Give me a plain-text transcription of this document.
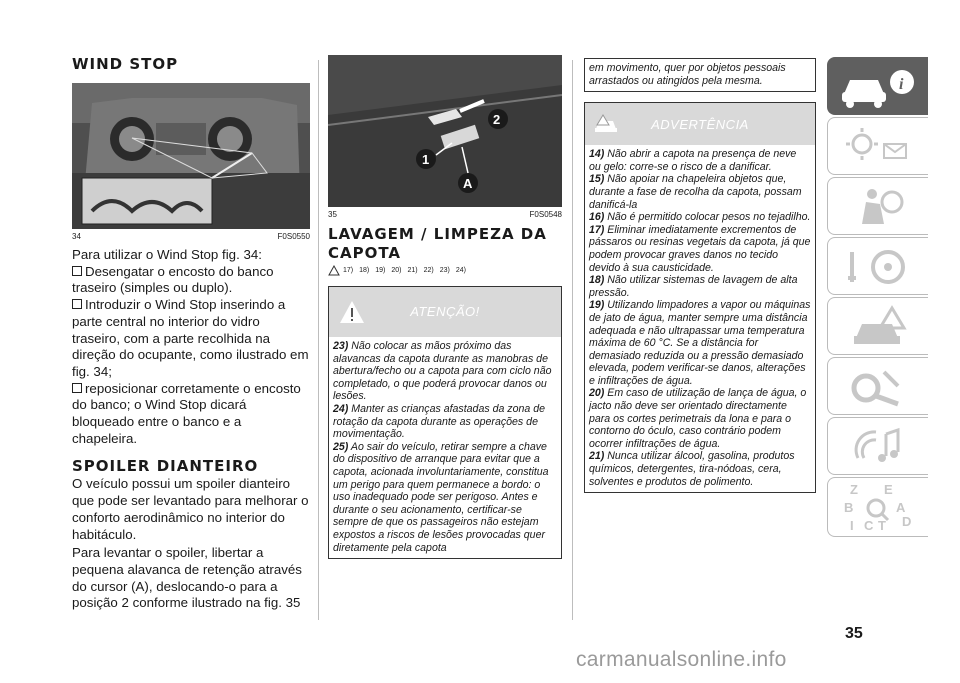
WIND STOP
34	F0S0550

Para utilizar o Wind Stop fig. 34:

Desengatar o encosto do banco traseiro (simples ou duplo).

Introduzir o Wind Stop inserindo a parte central no interior do vidro traseiro, com a parte recolhida na direção do ocupante, como ilustrado em fig. 34;

reposicionar corretamente o encosto do banco; o Wind Stop dicará bloqueado entre o banco e a chapeleira.

SPOILER DIANTEIRO

O veículo possui um spoiler dianteiro que pode ser levantado para melhorar o conforto aerodinâmico no interior do habitáculo.

Para levantar o spoiler, libertar a pequena alavanca de retenção através do cursor (A), deslocando-o para a posição 2 conforme ilustrado na fig. 35

2
1
A
35	F0S0548
LAVAGEM / LIMPEZA DA CAPOTA
17) 18) 19) 20) 21) 22) 23) 24)
ATENÇÃO!

23) Não colocar as mãos próximo das alavancas da capota durante as manobras de abertura/fecho ou a capota para com ciclo não completado, o que poderá provocar danos ou lesões.

24) Manter as crianças afastadas da zona de rotação da capota durante as operações de movimentação.

25) Ao sair do veículo, retirar sempre a chave do dispositivo de arranque para evitar que a capota, acionada involuntariamente, constitua um perigo para quem permanece a bordo: o uso inadequado pode ser perigoso. Antes e durante o seu acionamento, certificar-se sempre de que os passageiros não estejam expostos a riscos de lesões provocadas quer diretamente pela capota

em movimento, quer por objetos pessoais arrastados ou atingidos pela mesma.
ADVERTÊNCIA

14) Não abrir a capota na presença de neve ou gelo: corre-se o risco de a danificar.

15) Não apoiar na chapeleira objetos que, durante a fase de recolha da capota, possam danificá-la

16) Não é permitido colocar pesos no tejadilho.

17) Eliminar imediatamente excrementos de pássaros ou resinas vegetais da capota, já que podem provocar graves danos no tecido devido à sua causticidade.

18) Não utilizar sistemas de lavagem de alta pressão.

19) Utilizando limpadores a vapor ou máquinas de jato de água, manter sempre uma distância adequada e não ultrapassar uma temperatura máxima de 60 °C. Se a distância for demasiado reduzida ou a pressão demasiado elevada, podem verificar-se danos, alterações e infiltrações de água.

20) Em caso de utilização de lança de água, o jacto não deve ser orientado directamente para os cortes perimetrais da lona e para o contorno do óculo, caso contrário podem ocorrer infiltrações de água.

21) Nunca utilizar álcool, gasolina, produtos químicos, detergentes, tira-nódoas, cera, solventes e produtos de polimento.

i
Z E
B	A
I C T D
35
carmanualsonline.info
